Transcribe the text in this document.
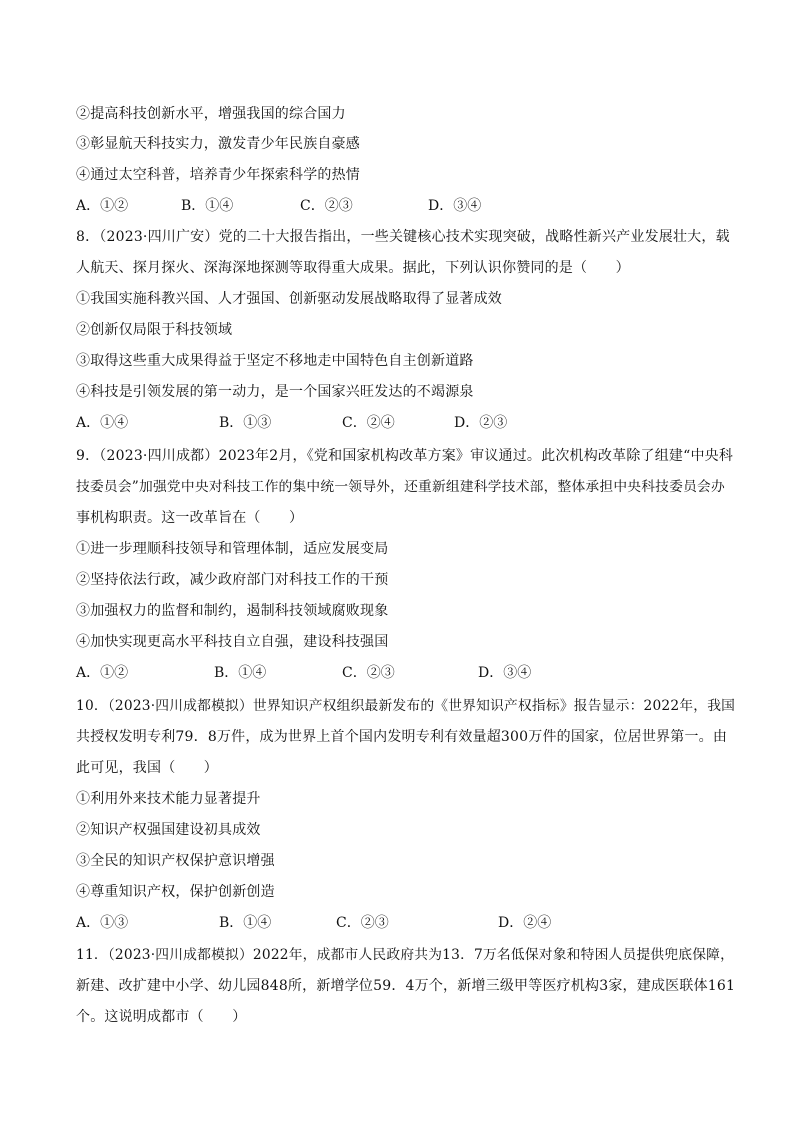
②提高科技创新水平，增强我国的综合国力
③彰显航天科技实力，激发青少年民族自豪感
④通过太空科普，培养青少年探索科学的热情
A．①②	B．①④	C．②③	D．③④
8．（2023·四川广安）党的二十大报告指出，一些关键核心技术实现突破，战略性新兴产业发展壮大，载
人航天、探月探火、深海深地探测等取得重大成果。据此，下列认识你赞同的是（　　）
①我国实施科教兴国、人才强国、创新驱动发展战略取得了显著成效
②创新仅局限于科技领域
③取得这些重大成果得益于坚定不移地走中国特色自主创新道路
④科技是引领发展的第一动力，是一个国家兴旺发达的不竭源泉
A．①④	B．①③	C．②④	D．②③
9．（2023·四川成都）2023年2月，《党和国家机构改革方案》审议通过。此次机构改革除了组建“中央科
技委员会”加强党中央对科技工作的集中统一领导外，还重新组建科学技术部，整体承担中央科技委员会办
事机构职责。这一改革旨在（　　）
①进一步理顺科技领导和管理体制，适应发展变局
②坚持依法行政，减少政府部门对科技工作的干预
③加强权力的监督和制约，遏制科技领域腐败现象
④加快实现更高水平科技自立自强，建设科技强国
A．①②	B．①④	C．②③	D．③④
10．（2023·四川成都模拟）世界知识产权组织最新发布的《世界知识产权指标》报告显示：2022年，我国
共授权发明专利79．8万件，成为世界上首个国内发明专利有效量超300万件的国家，位居世界第一。由
此可见，我国（　　）
①利用外来技术能力显著提升
②知识产权强国建设初具成效
③全民的知识产权保护意识增强
④尊重知识产权，保护创新创造
A．①③	B．①④	C．②③	D．②④
11．（2023·四川成都模拟）2022年，成都市人民政府共为13．7万名低保对象和特困人员提供兜底保障，
新建、改扩建中小学、幼儿园848所，新增学位59．4万个，新增三级甲等医疗机构3家，建成医联体161
个。这说明成都市（　　）
